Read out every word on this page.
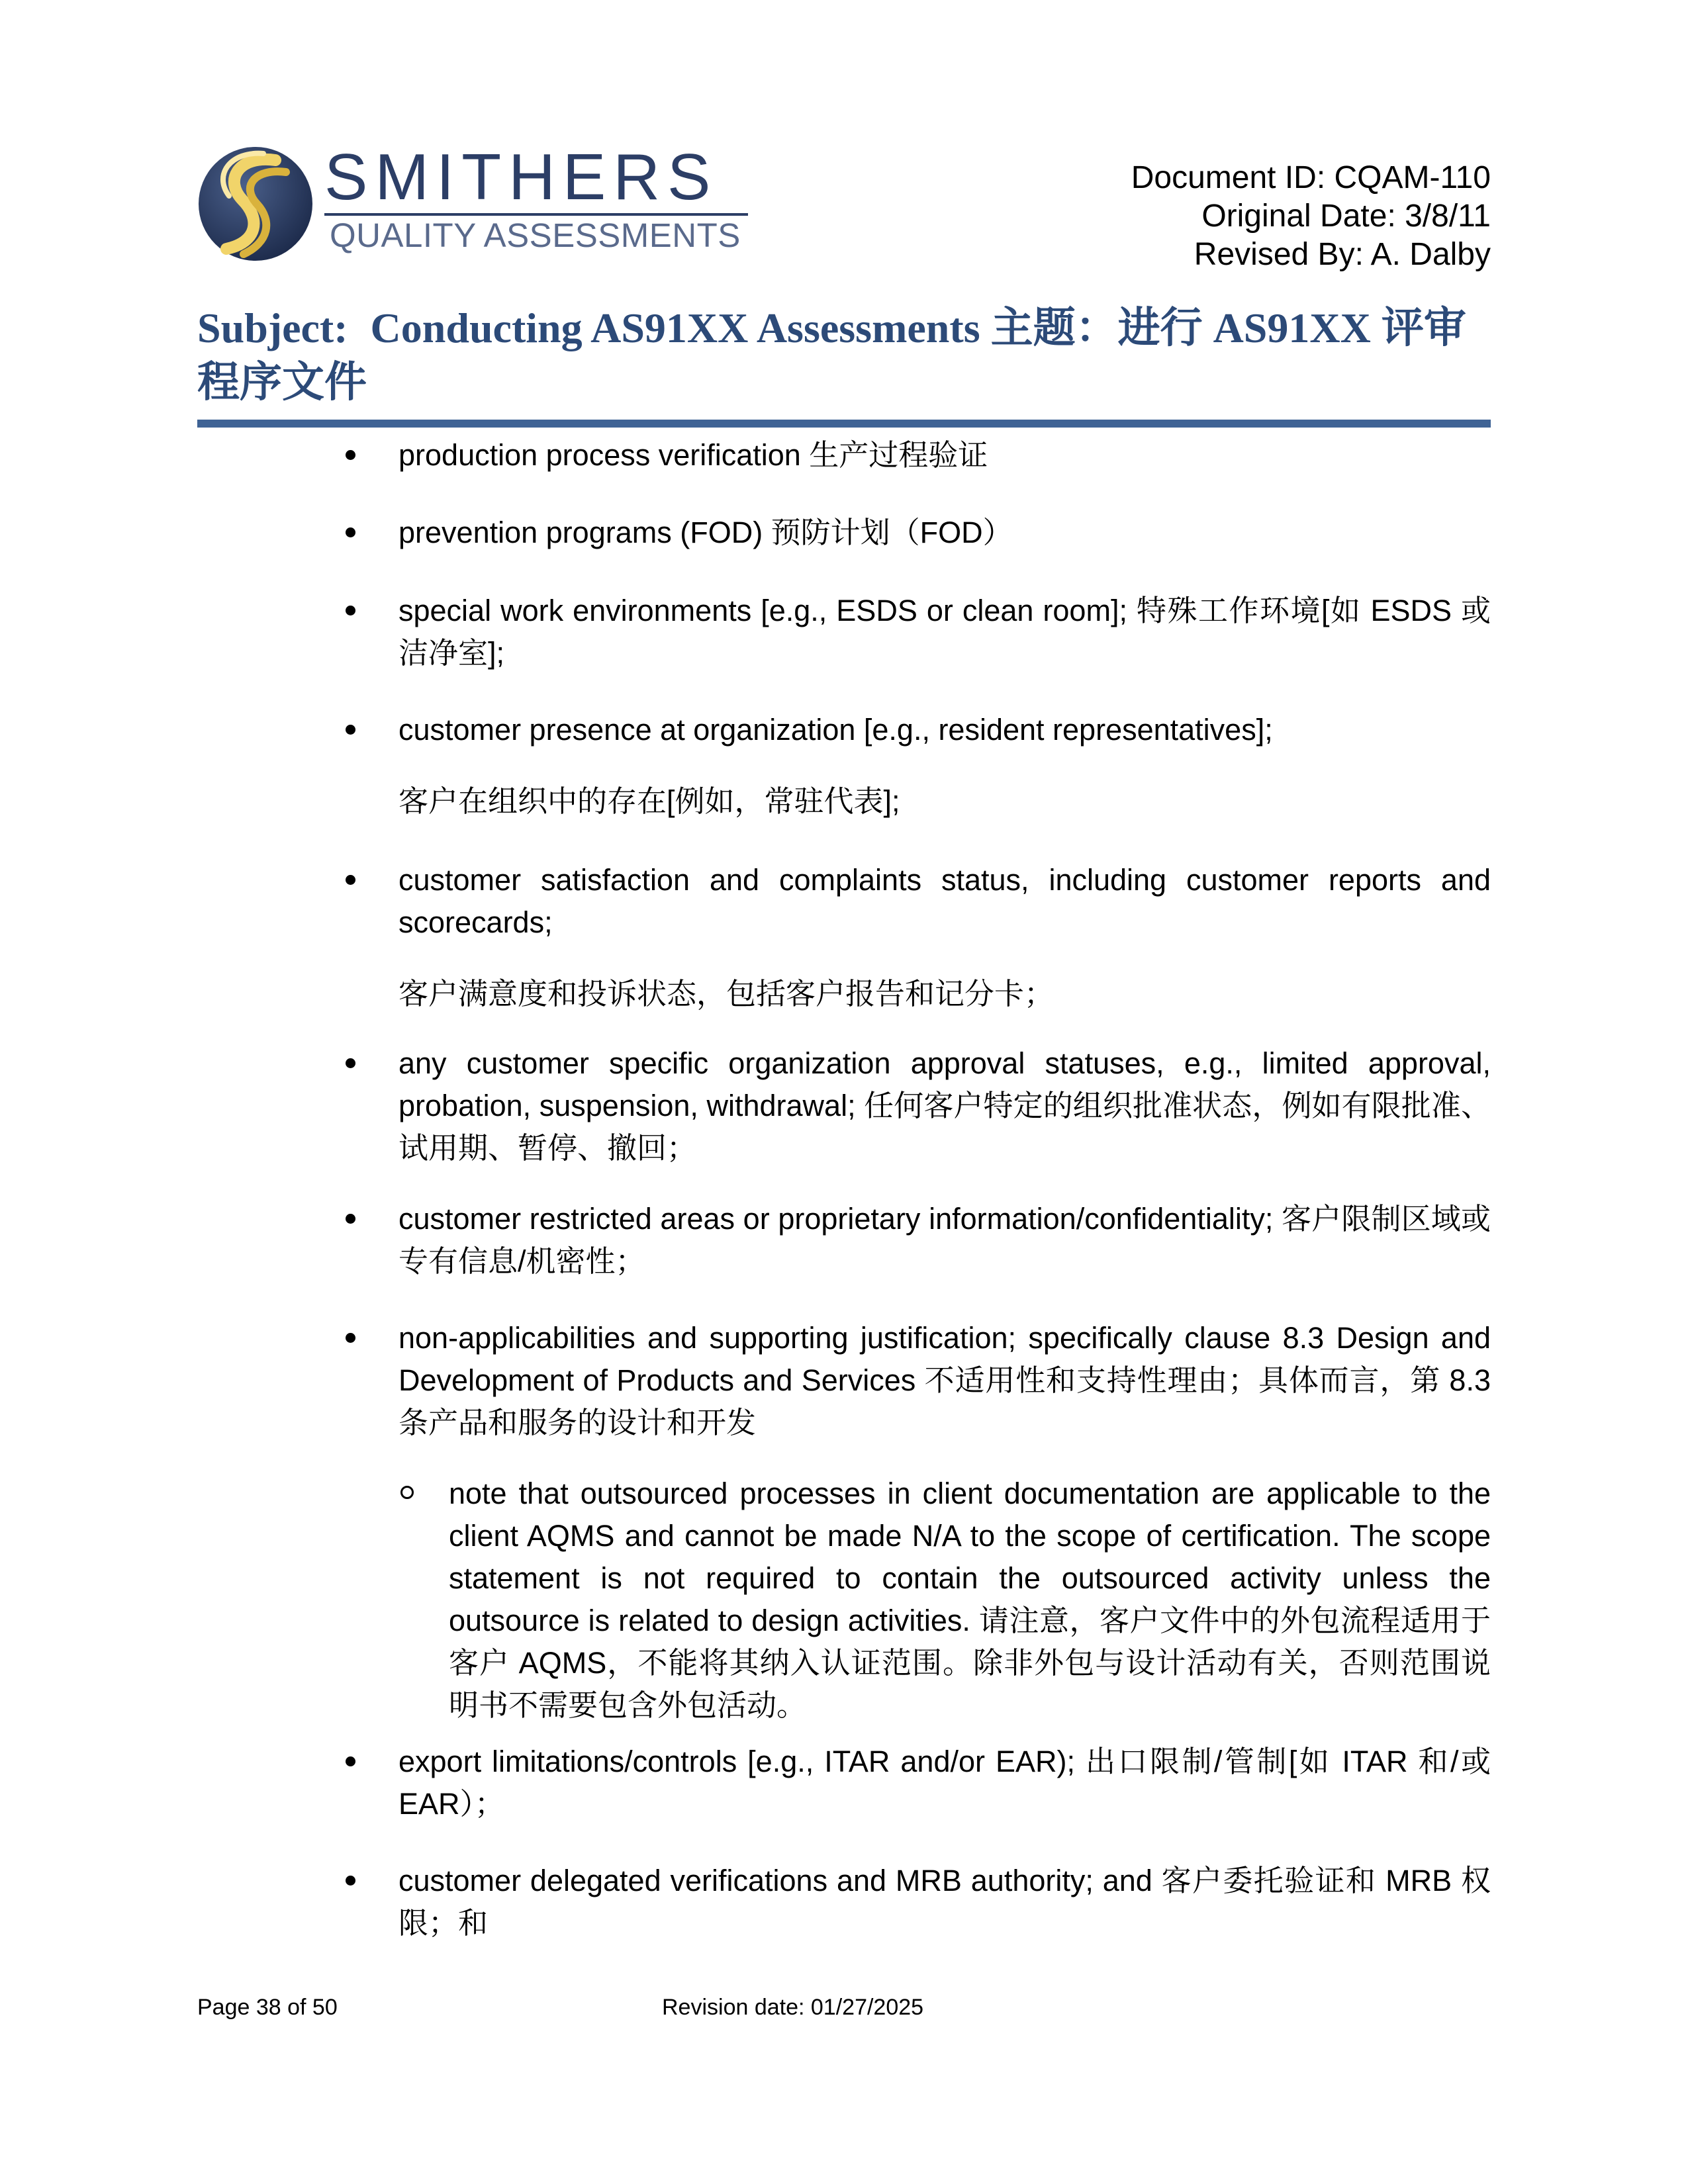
SMITHERS
QUALITY ASSESSMENTS
Document ID: CQAM-110
Original Date: 3/8/11
Revised By: A. Dalby
Subject: Conducting AS91XX Assessments 主题：进行 AS91XX 评审程序文件

production process verification 生产过程验证

prevention programs (FOD) 预防计划（FOD）

special work environments [e.g., ESDS or clean room]; 特殊工作环境[如 ESDS 或洁净室];

customer presence at organization [e.g., resident representatives];

客户在组织中的存在[例如，常驻代表];

customer satisfaction and complaints status, including customer reports and scorecards;

客户满意度和投诉状态，包括客户报告和记分卡；

any customer specific organization approval statuses, e.g., limited approval, probation, suspension, withdrawal; 任何客户特定的组织批准状态，例如有限批准、试用期、暂停、撤回；

customer restricted areas or proprietary information/confidentiality; 客户限制区域或专有信息/机密性；

non-applicabilities and supporting justification; specifically clause 8.3 Design and Development of Products and Services 不适用性和支持性理由；具体而言，第 8.3 条产品和服务的设计和开发

note that outsourced processes in client documentation are applicable to the client AQMS and cannot be made N/A to the scope of certification. The scope statement is not required to contain the outsourced activity unless the outsource is related to design activities. 请注意，客户文件中的外包流程适用于客户 AQMS，不能将其纳入认证范围。除非外包与设计活动有关，否则范围说明书不需要包含外包活动。

export limitations/controls [e.g., ITAR and/or EAR); 出口限制/管制[如 ITAR 和/或 EAR）；

customer delegated verifications and MRB authority; and 客户委托验证和 MRB 权限；和

Page 38 of 50	Revision date: 01/27/2025
